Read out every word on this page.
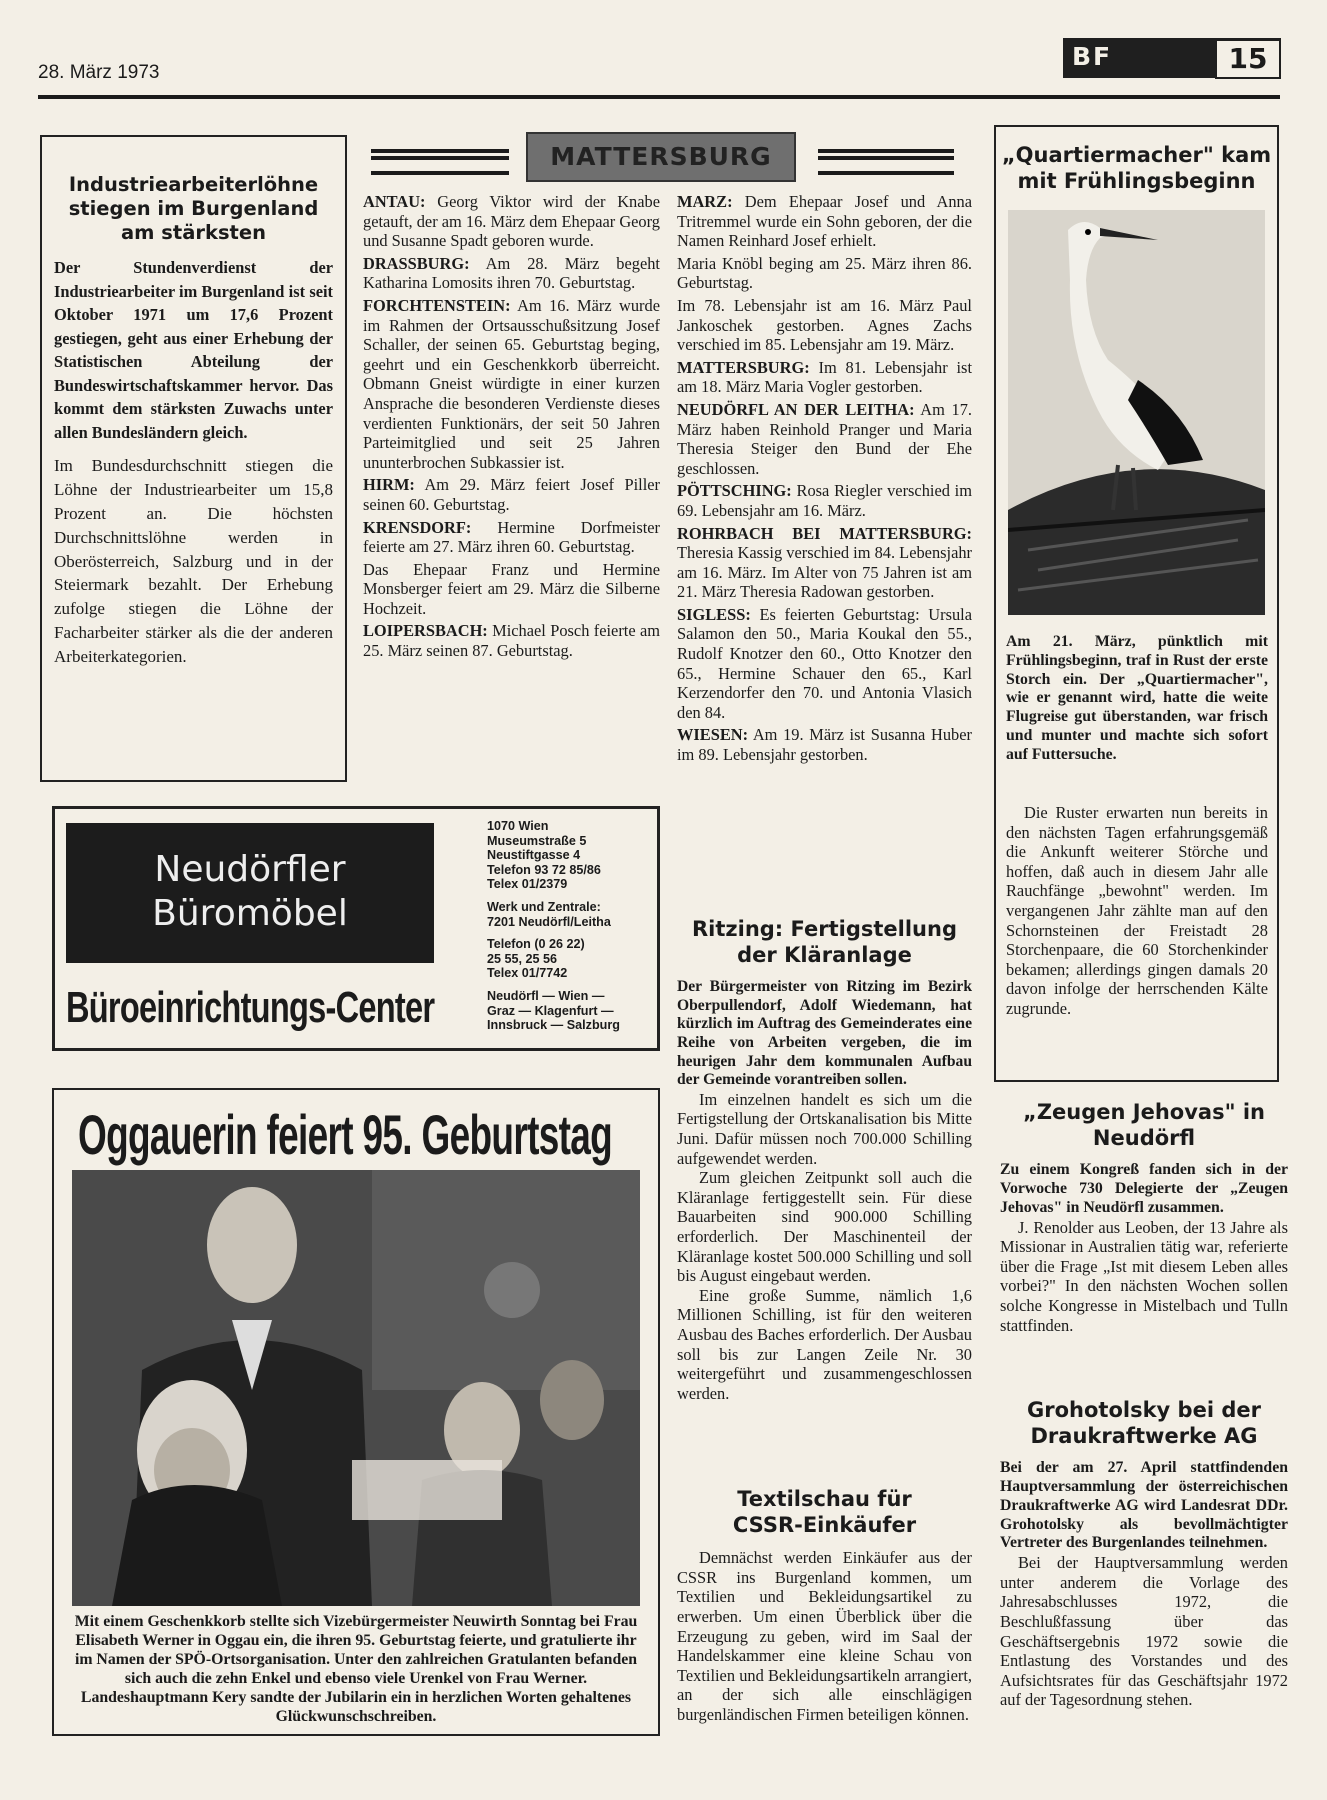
28. März 1973
BF	15
Industriearbeiterlöhne
stiegen im Burgenland
am stärksten

Der Stundenverdienst der Industriearbeiter im Burgenland ist seit Oktober 1971 um 17,6 Prozent gestiegen, geht aus einer Erhebung der Statistischen Abteilung der Bundeswirtschaftskammer hervor. Das kommt dem stärksten Zuwachs unter allen Bundesländern gleich.

Im Bundesdurchschnitt stiegen die Löhne der Industriearbeiter um 15,8 Prozent an. Die höchsten Durchschnittslöhne werden in Oberösterreich, Salzburg und in der Steiermark bezahlt. Der Erhebung zufolge stiegen die Löhne der Facharbeiter stärker als die der anderen Arbeiterkategorien.

MATTERSBURG

ANTAU: Georg Viktor wird der Knabe getauft, der am 16. März dem Ehepaar Georg und Susanne Spadt geboren wurde.

DRASSBURG: Am 28. März begeht Katharina Lomosits ihren 70. Geburtstag.

FORCHTENSTEIN: Am 16. März wurde im Rahmen der Ortsausschußsitzung Josef Schaller, der seinen 65. Geburtstag beging, geehrt und ein Geschenkkorb überreicht. Obmann Gneist würdigte in einer kurzen Ansprache die besonderen Verdienste dieses verdienten Funktionärs, der seit 50 Jahren Parteimitglied und seit 25 Jahren ununterbrochen Subkassier ist.

HIRM: Am 29. März feiert Josef Piller seinen 60. Geburtstag.

KRENSDORF: Hermine Dorfmeister feierte am 27. März ihren 60. Geburtstag.

Das Ehepaar Franz und Hermine Monsberger feiert am 29. März die Silberne Hochzeit.

LOIPERSBACH: Michael Posch feierte am 25. März seinen 87. Geburtstag.

MARZ: Dem Ehepaar Josef und Anna Tritremmel wurde ein Sohn geboren, der die Namen Reinhard Josef erhielt.

Maria Knöbl beging am 25. März ihren 86. Geburtstag.

Im 78. Lebensjahr ist am 16. März Paul Jankoschek gestorben. Agnes Zachs verschied im 85. Lebensjahr am 19. März.

MATTERSBURG: Im 81. Lebensjahr ist am 18. März Maria Vogler gestorben.

NEUDÖRFL AN DER LEITHA: Am 17. März haben Reinhold Pranger und Maria Theresia Steiger den Bund der Ehe geschlossen.

PÖTTSCHING: Rosa Riegler verschied im 69. Lebensjahr am 16. März.

ROHRBACH BEI MATTERSBURG: Theresia Kassig verschied im 84. Lebensjahr am 16. März. Im Alter von 75 Jahren ist am 21. März Theresia Radowan gestorben.

SIGLESS: Es feierten Geburtstag: Ursula Salamon den 50., Maria Koukal den 55., Rudolf Knotzer den 60., Otto Knotzer den 65., Hermine Schauer den 65., Karl Kerzendorfer den 70. und Antonia Vlasich den 84.

WIESEN: Am 19. März ist Susanna Huber im 89. Lebensjahr gestorben.

Ritzing: Fertigstellung
der Kläranlage

Der Bürgermeister von Ritzing im Bezirk Oberpullendorf, Adolf Wiedemann, hat kürzlich im Auftrag des Gemeinderates eine Reihe von Arbeiten vergeben, die im heurigen Jahr dem kommunalen Aufbau der Gemeinde vorantreiben sollen.

Im einzelnen handelt es sich um die Fertigstellung der Ortskanalisation bis Mitte Juni. Dafür müssen noch 700.000 Schilling aufgewendet werden.

Zum gleichen Zeitpunkt soll auch die Kläranlage fertiggestellt sein. Für diese Bauarbeiten sind 900.000 Schilling erforderlich. Der Maschinenteil der Kläranlage kostet 500.000 Schilling und soll bis August eingebaut werden.

Eine große Summe, nämlich 1,6 Millionen Schilling, ist für den weiteren Ausbau des Baches erforderlich. Der Ausbau soll bis zur Langen Zeile Nr. 30 weitergeführt und zusammengeschlossen werden.

Textilschau für
CSSR-Einkäufer

Demnächst werden Einkäufer aus der CSSR ins Burgenland kommen, um Textilien und Bekleidungsartikel zu erwerben. Um einen Überblick über die Erzeugung zu geben, wird im Saal der Handelskammer eine kleine Schau von Textilien und Bekleidungsartikeln arrangiert, an der sich alle einschlägigen burgenländischen Firmen beteiligen können.

Neudörfler
Büromöbel
Büroeinrichtungs-Center
1070 Wien
Museumstraße 5
Neustiftgasse 4
Telefon 93 72 85/86
Telex 01/2379
Werk und Zentrale:
7201 Neudörfl/Leitha
Telefon (0 26 22)
25 55, 25 56
Telex 01/7742
Neudörfl — Wien —
Graz — Klagenfurt —
Innsbruck — Salzburg
Oggauerin feiert 95. Geburtstag

Mit einem Geschenkkorb stellte sich Vizebürgermeister Neuwirth Sonntag bei Frau Elisabeth Werner in Oggau ein, die ihren 95. Geburtstag feierte, und gratulierte ihr im Namen der SPÖ-Ortsorganisation. Unter den zahlreichen Gratulanten befanden sich auch die zehn Enkel und ebenso viele Urenkel von Frau Werner. Landeshauptmann Kery sandte der Jubilarin ein in herzlichen Worten gehaltenes Glückwunschschreiben.

„Quartiermacher" kam
mit Frühlingsbeginn

Am 21. März, pünktlich mit Frühlingsbeginn, traf in Rust der erste Storch ein. Der „Quartiermacher", wie er genannt wird, hatte die weite Flugreise gut überstanden, war frisch und munter und machte sich sofort auf Futtersuche.

Die Ruster erwarten nun bereits in den nächsten Tagen erfahrungsgemäß die Ankunft weiterer Störche und hoffen, daß auch in diesem Jahr alle Rauchfänge „bewohnt" werden. Im vergangenen Jahr zählte man auf den Schornsteinen der Freistadt 28 Storchenpaare, die 60 Storchenkinder bekamen; allerdings gingen damals 20 davon infolge der herrschenden Kälte zugrunde.

„Zeugen Jehovas" in
Neudörfl

Zu einem Kongreß fanden sich in der Vorwoche 730 Delegierte der „Zeugen Jehovas" in Neudörfl zusammen.

J. Renolder aus Leoben, der 13 Jahre als Missionar in Australien tätig war, referierte über die Frage „Ist mit diesem Leben alles vorbei?" In den nächsten Wochen sollen solche Kongresse in Mistelbach und Tulln stattfinden.

Grohotolsky bei der
Draukraftwerke AG

Bei der am 27. April stattfindenden Hauptversammlung der österreichischen Draukraftwerke AG wird Landesrat DDr. Grohotolsky als bevollmächtigter Vertreter des Burgenlandes teilnehmen.

Bei der Hauptversammlung werden unter anderem die Vorlage des Jahresabschlusses 1972, die Beschlußfassung über das Geschäftsergebnis 1972 sowie die Entlastung des Vorstandes und des Aufsichtsrates für das Geschäftsjahr 1972 auf der Tagesordnung stehen.
